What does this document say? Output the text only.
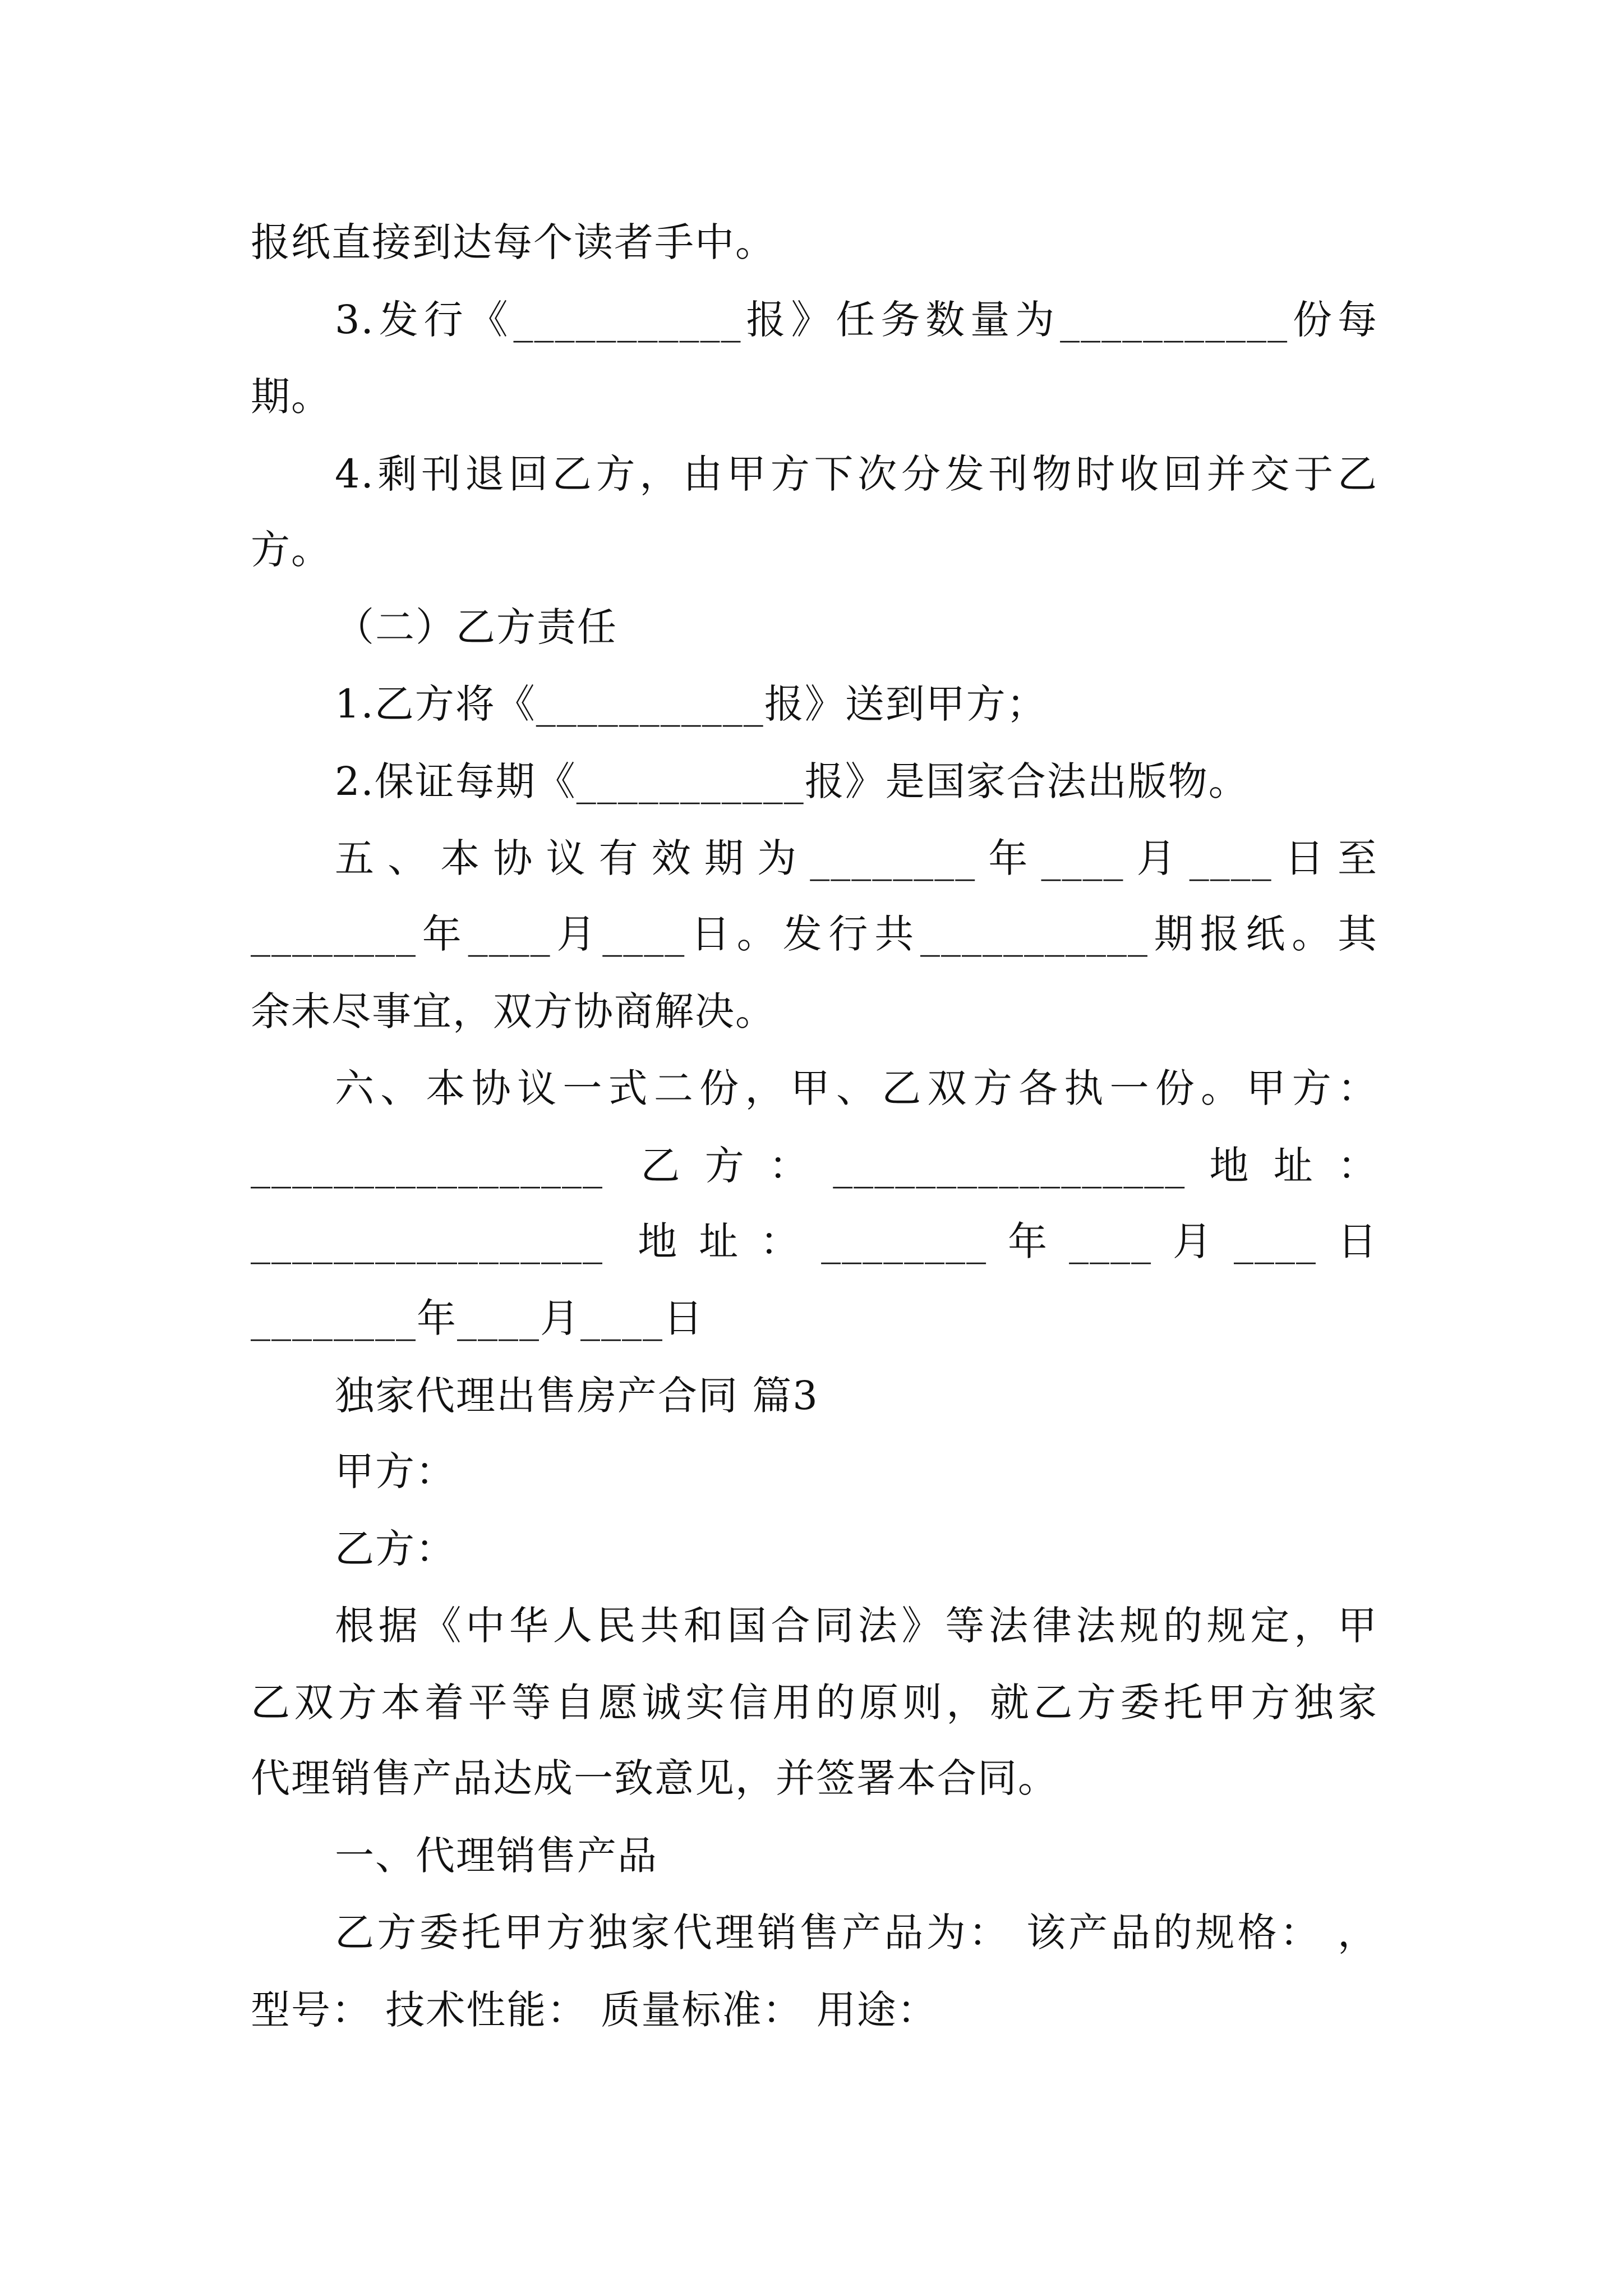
报纸直接到达每个读者手中。
3.发行《___________报》任务数量为___________份每
期。
4.剩刊退回乙方，由甲方下次分发刊物时收回并交于乙
方。
（二）乙方责任
1.乙方将《___________报》送到甲方；
2.保证每期《___________报》是国家合法出版物。
五、本协议有效期为________年____月____日至
________年____月____日。发行共___________期报纸。其
余未尽事宜，双方协商解决。
六、本协议一式二份，甲、乙双方各执一份。甲方：
_________________ 乙方：_________________地址：
_________________ 地址：________年____月____日
________年____月____日
独家代理出售房产合同 篇3
甲方：
乙方：
根据《中华人民共和国合同法》等法律法规的规定，甲
乙双方本着平等自愿诚实信用的原则，就乙方委托甲方独家
代理销售产品达成一致意见，并签署本合同。
一、代理销售产品
乙方委托甲方独家代理销售产品为： 该产品的规格： ，
型号： 技术性能： 质量标准： 用途：
